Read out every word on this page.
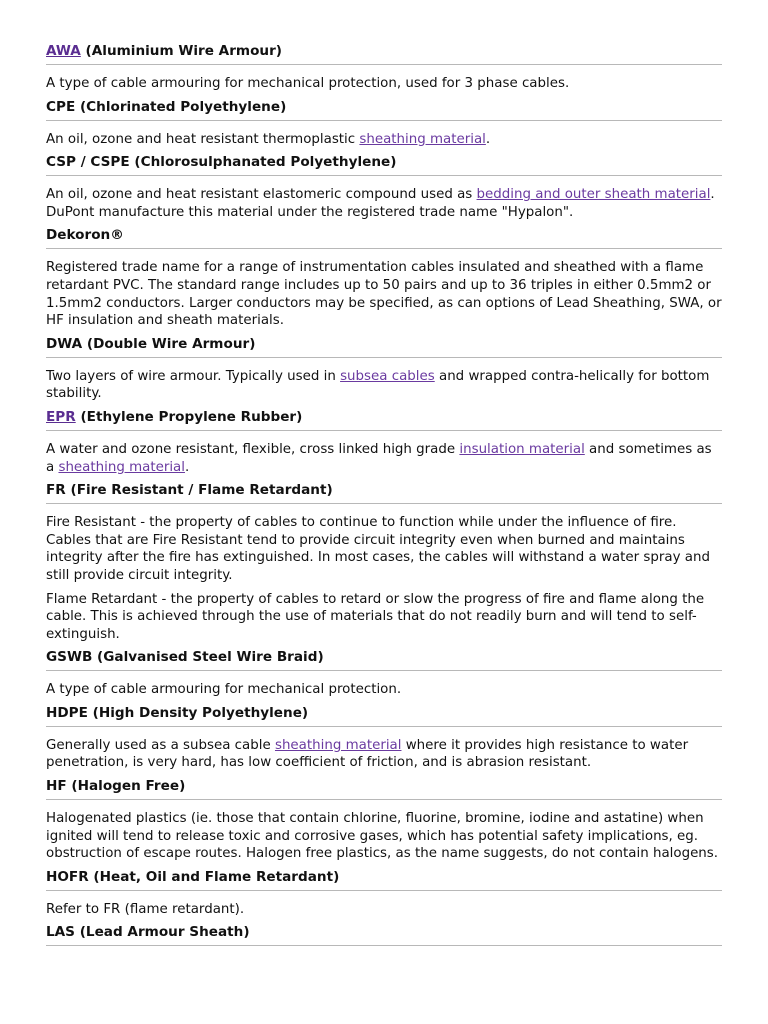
AWA (Aluminium Wire Armour)

A type of cable armouring for mechanical protection, used for 3 phase cables.

CPE (Chlorinated Polyethylene)

An oil, ozone and heat resistant thermoplastic sheathing material.

CSP / CSPE (Chlorosulphanated Polyethylene)

An oil, ozone and heat resistant elastomeric compound used as bedding and outer sheath material. DuPont manufacture this material under the registered trade name "Hypalon".

Dekoron®

Registered trade name for a range of instrumentation cables insulated and sheathed with a flame retardant PVC. The standard range includes up to 50 pairs and up to 36 triples in either 0.5mm2 or 1.5mm2 conductors. Larger conductors may be specified, as can options of Lead Sheathing, SWA, or HF insulation and sheath materials.

DWA (Double Wire Armour)

Two layers of wire armour. Typically used in subsea cables and wrapped contra-helically for bottom stability.

EPR (Ethylene Propylene Rubber)

A water and ozone resistant, flexible, cross linked high grade insulation material and sometimes as a sheathing material.

FR (Fire Resistant / Flame Retardant)

Fire Resistant - the property of cables to continue to function while under the influence of fire. Cables that are Fire Resistant tend to provide circuit integrity even when burned and maintains integrity after the fire has extinguished. In most cases, the cables will withstand a water spray and still provide circuit integrity.

Flame Retardant - the property of cables to retard or slow the progress of fire and flame along the cable. This is achieved through the use of materials that do not readily burn and will tend to self-extinguish.

GSWB (Galvanised Steel Wire Braid)

A type of cable armouring for mechanical protection.

HDPE (High Density Polyethylene)

Generally used as a subsea cable sheathing material where it provides high resistance to water penetration, is very hard, has low coefficient of friction, and is abrasion resistant.

HF (Halogen Free)

Halogenated plastics (ie. those that contain chlorine, fluorine, bromine, iodine and astatine) when ignited will tend to release toxic and corrosive gases, which has potential safety implications, eg. obstruction of escape routes. Halogen free plastics, as the name suggests, do not contain halogens.

HOFR (Heat, Oil and Flame Retardant)

Refer to FR (flame retardant).

LAS (Lead Armour Sheath)
